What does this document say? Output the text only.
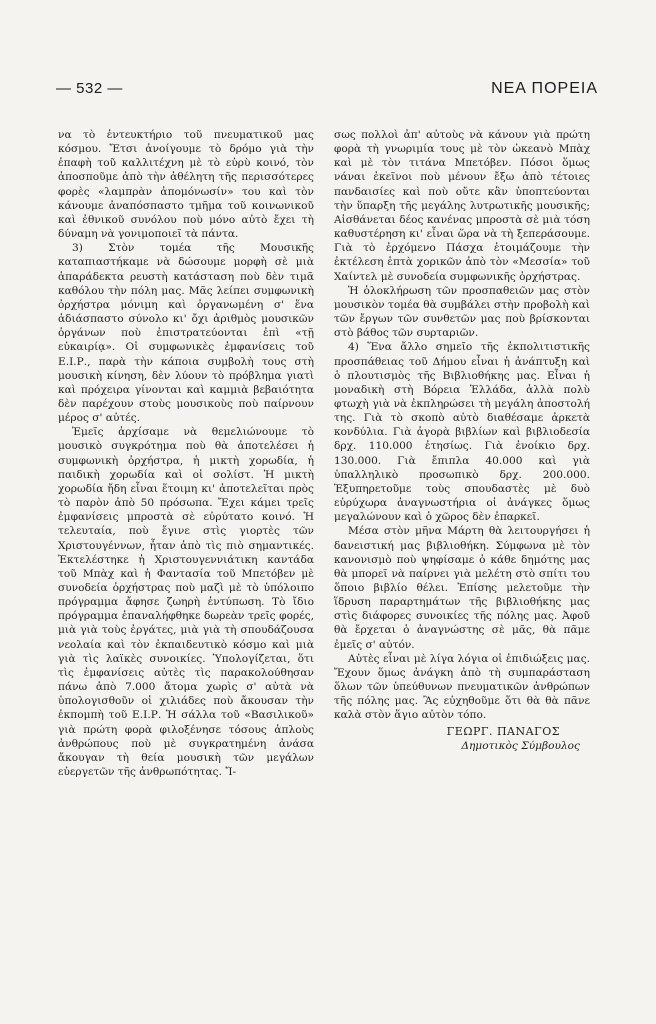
— 532 —	ΝΕΑ ΠΟΡΕΙΑ

να τὸ ἐντευκτήριο τοῦ πνευματικοῦ μας κόσμου. Ἔτσι ἀνοίγουμε τὸ δρόμο γιὰ τὴν ἐπαφὴ τοῦ καλλιτέχνη μὲ τὸ εὐρὺ κοινό, τὸν ἀποσποῦμε ἀπὸ τὴν ἀθέλητη τῆς περισσότερες φορὲς «λαμπρὰν ἀπομόνωσίν» του καὶ τὸν κάνουμε ἀναπόσπαστο τμῆμα τοῦ κοινωνικοῦ καὶ ἐθνικοῦ συνόλου ποὺ μόνο αὐτὸ ἔχει τὴ δύναμη νὰ γονιμοποιεῖ τὰ πάντα.

3) Στὸν τομέα τῆς Μουσικῆς καταπιαστήκαμε νὰ δώσουμε μορφὴ σὲ μιὰ ἀπαράδεκτα ρευστὴ κατάσταση ποὺ δὲν τιμᾶ καθόλου τὴν πόλη μας. Μᾶς λείπει συμφωνικὴ ὀρχήστρα μόνιμη καὶ ὀργανωμένη σ' ἕνα ἀδιάσπαστο σύνολο κι' ὄχι ἀριθμὸς μουσικῶν ὀργάνων ποὺ ἐπιστρατεύονται ἐπὶ «τῇ εὐκαιρίᾳ». Οἱ συμφωνικὲς ἐμφανίσεις τοῦ Ε.Ι.Ρ., παρὰ τὴν κάποια συμβολὴ τους στὴ μουσικὴ κίνηση, δὲν λύουν τὸ πρόβλημα γιατὶ καὶ πρόχειρα γίνονται καὶ καμμιὰ βεβαιότητα δὲν παρέχουν στοὺς μουσικοὺς ποὺ παίρνουν μέρος σ' αὐτές.

Ἐμεῖς ἀρχίσαμε νὰ θεμελιώνουμε τὸ μουσικὸ συγκρότημα ποὺ θὰ ἀποτελέσει ἡ συμφωνικὴ ὀρχήστρα, ἡ μικτὴ χορωδία, ἡ παιδικὴ χορωδία καὶ οἱ σολίστ. Ἡ μικτὴ χορωδία ἤδη εἶναι ἕτοιμη κι' ἀποτελεῖται πρὸς τὸ παρὸν ἀπὸ 50 πρόσωπα. Ἔχει κάμει τρεῖς ἐμφανίσεις μπροστὰ σὲ εὐρύτατο κοινό. Ἡ τελευταία, ποὺ ἔγινε στὶς γιορτὲς τῶν Χριστουγέννων, ἦταν ἀπὸ τὶς πιὸ σημαντικές. Ἐκτελέστηκε ἡ Χριστουγεννιάτικη καντάδα τοῦ Μπὰχ καὶ ἡ Φαντασία τοῦ Μπετόβεν μὲ συνοδεία ὀρχήστρας ποὺ μαζὶ μὲ τὸ ὑπόλοιπο πρόγραμμα ἄφησε ζωηρὴ ἐντύπωση. Τὸ ἴδιο πρόγραμμα ἐπαναλήφθηκε δωρεὰν τρεῖς φορές, μιὰ γιὰ τοὺς ἐργάτες, μιὰ γιὰ τὴ σπουδάζουσα νεολαία καὶ τὸν ἐκπαιδευτικὸ κόσμο καὶ μιὰ γιὰ τὶς λαϊκὲς συνοικίες. Ὑπολογίζεται, ὅτι τὶς ἐμφανίσεις αὐτὲς τὶς παρακολούθησαν πάνω ἀπὸ 7.000 ἄτομα χωρὶς σ' αὐτὰ νὰ ὑπολογισθοῦν οἱ χιλιάδες ποὺ ἄκουσαν τὴν ἐκπομπὴ τοῦ Ε.Ι.Ρ. Ἡ σάλλα τοῦ «Βασιλικοῦ» γιὰ πρώτη φορὰ φιλοξένησε τόσους ἁπλοὺς ἀνθρώπους ποὺ μὲ συγκρατημένη ἀνάσα ἄκουγαν τὴ θεία μουσικὴ τῶν μεγάλων εὐεργετῶν τῆς ἀνθρωπότητας. Ἴ-

σως πολλοὶ ἀπ' αὐτοὺς νὰ κάνουν γιὰ πρώτη φορὰ τὴ γνωριμία τους μὲ τὸν ὠκεανὸ Μπὰχ καὶ μὲ τὸν τιτάνα Μπετόβεν. Πόσοι ὅμως νάναι ἐκεῖνοι ποὺ μένουν ἔξω ἀπὸ τέτοιες πανδαισίες καὶ ποὺ οὔτε κἂν ὑποπτεύονται τὴν ὕπαρξη τῆς μεγάλης λυτρωτικῆς μουσικῆς; Αἰσθάνεται δέος κανένας μπροστὰ σὲ μιὰ τόση καθυστέρηση κι' εἶναι ὥρα νὰ τὴ ξεπεράσουμε. Γιὰ τὸ ἐρχόμενο Πάσχα ἑτοιμάζουμε τὴν ἐκτέλεση ἑπτὰ χορικῶν ἀπὸ τὸν «Μεσσία» τοῦ Χαίντελ μὲ συνοδεία συμφωνικῆς ὀρχήστρας.

Ἡ ὁλοκλήρωση τῶν προσπαθειῶν μας στὸν μουσικὸν τομέα θὰ συμβάλει στὴν προβολὴ καὶ τῶν ἔργων τῶν συνθετῶν μας ποὺ βρίσκονται στὸ βάθος τῶν συρταριῶν.

4) Ἕνα ἄλλο σημεῖο τῆς ἐκπολιτιστικῆς προσπάθειας τοῦ Δήμου εἶναι ἡ ἀνάπτυξη καὶ ὁ πλουτισμὸς τῆς Βιβλιοθήκης μας. Εἶναι ἡ μοναδικὴ στὴ Βόρεια Ἑλλάδα, ἀλλὰ πολὺ φτωχὴ γιὰ νὰ ἐκπληρώσει τὴ μεγάλη ἀποστολή της. Γιὰ τὸ σκοπὸ αὐτὸ διαθέσαμε ἀρκετὰ κονδύλια. Γιὰ ἀγορὰ βιβλίων καὶ βιβλιοδεσία δρχ. 110.000 ἐτησίως. Γιὰ ἐνοίκιο δρχ. 130.000. Γιὰ ἔπιπλα 40.000 καὶ γιὰ ὑπαλληλικὸ προσωπικὸ δρχ. 200.000. Ἐξυπηρετοῦμε τοὺς σπουδαστὲς μὲ δυὸ εὐρύχωρα ἀναγνωστήρια οἱ ἀνάγκες ὅμως μεγαλώνουν καὶ ὁ χῶρος δὲν ἐπαρκεῖ.

Μέσα στὸν μῆνα Μάρτη θὰ λειτουργήσει ἡ δανειστική μας βιβλιοθήκη. Σύμφωνα μὲ τὸν κανονισμὸ ποὺ ψηφίσαμε ὁ κάθε δημότης μας θὰ μπορεῖ νὰ παίρνει γιὰ μελέτη στὸ σπίτι του ὅποιο βιβλίο θέλει. Ἐπίσης μελετοῦμε τὴν ἵδρυση παραρτημάτων τῆς βιβλιοθήκης μας στὶς διάφορες συνοικίες τῆς πόλης μας. Ἀφοῦ θὰ ἔρχεται ὁ ἀναγνώστης σὲ μᾶς, θὰ πᾶμε ἐμεῖς σ' αὐτόν.

Αὐτὲς εἶναι μὲ λίγα λόγια οἱ ἐπιδιώξεις μας. Ἔχουν ὅμως ἀνάγκη ἀπὸ τὴ συμπαράσταση ὅλων τῶν ὑπεύθυνων πνευματικῶν ἀνθρώπων τῆς πόλης μας. Ἂς εὐχηθοῦμε ὅτι θὰ θὰ πᾶνε καλὰ στὸν ἅγιο αὐτὸν τόπο.

ΓΕΩΡΓ. ΠΑΝΑΓΟΣ
Δημοτικὸς Σύμβουλος
